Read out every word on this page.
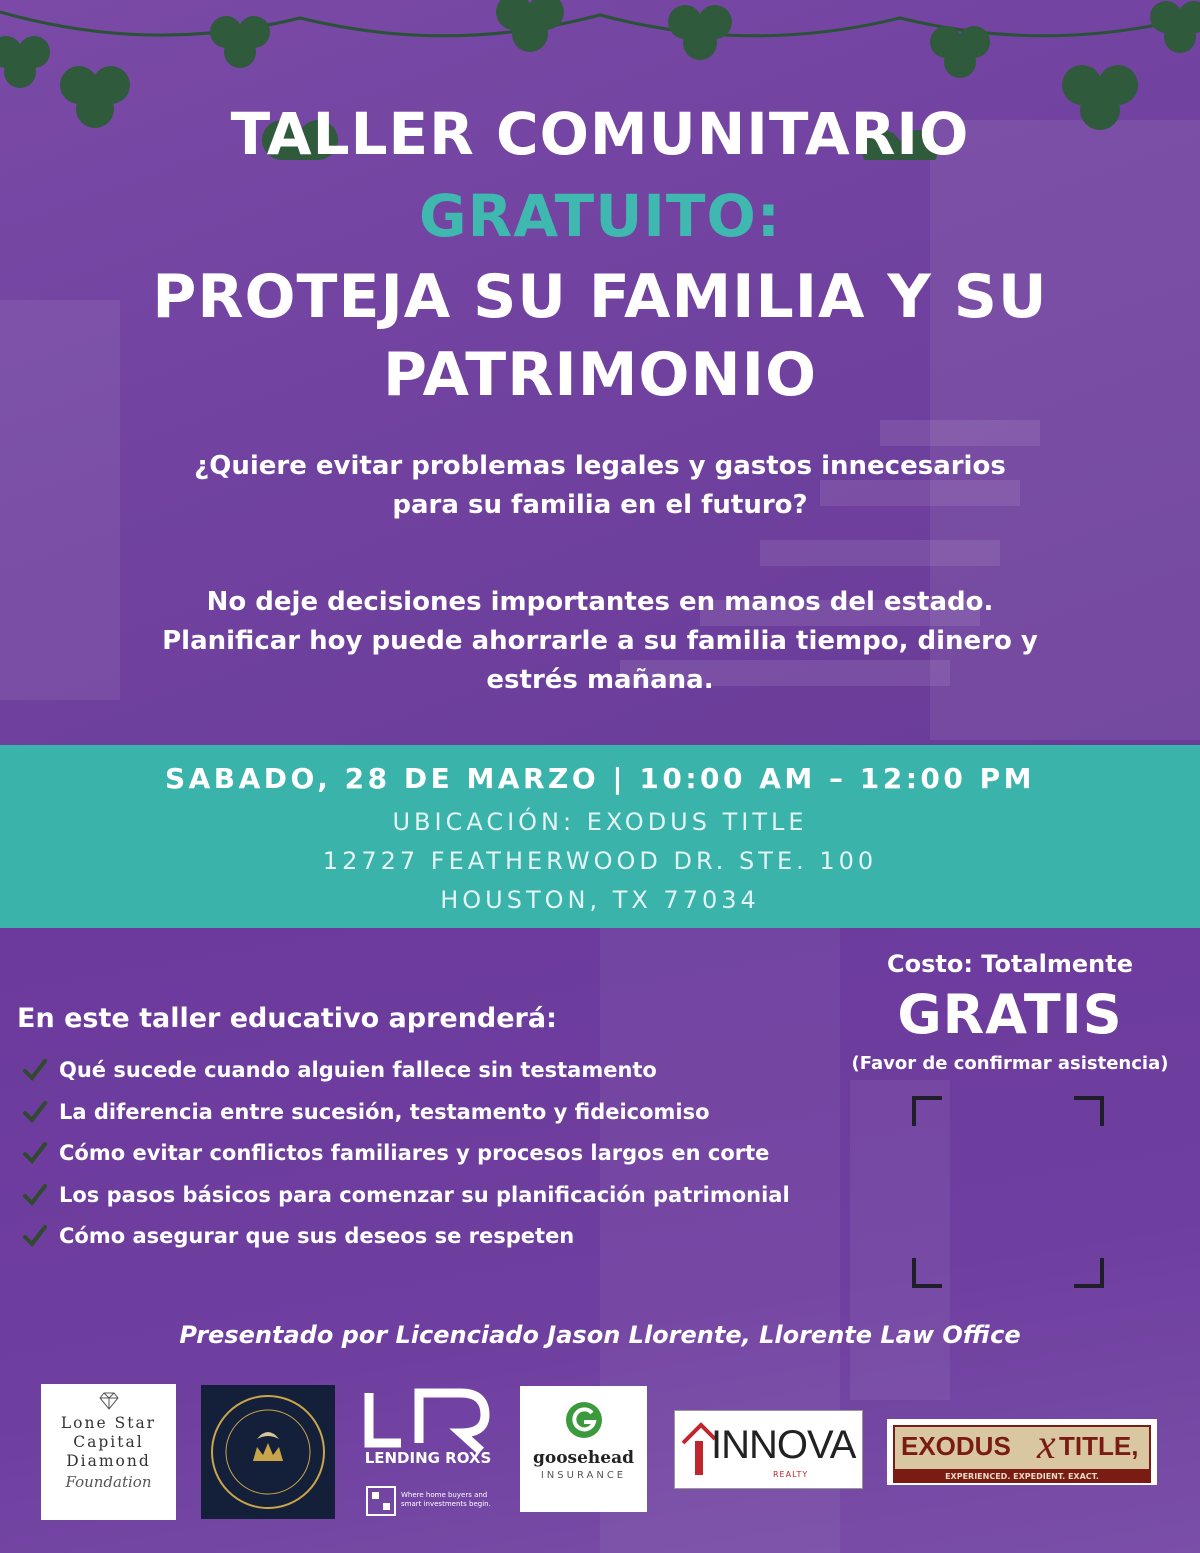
TALLER COMUNITARIO
GRATUITO:
PROTEJA SU FAMILIA Y SU
PATRIMONIO
¿Quiere evitar problemas legales y gastos innecesarios
para su familia en el futuro?
No deje decisiones importantes en manos del estado.
Planificar hoy puede ahorrarle a su familia tiempo, dinero y
estrés mañana.
SABADO, 28 DE MARZO | 10:00 AM – 12:00 PM
UBICACIÓN: EXODUS TITLE
12727 FEATHERWOOD DR. STE. 100
HOUSTON, TX 77034
En este taller educativo aprenderá:
Qué sucede cuando alguien fallece sin testamento
La diferencia entre sucesión, testamento y fideicomiso
Cómo evitar conflictos familiares y procesos largos en corte
Los pasos básicos para comenzar su planificación patrimonial
Cómo asegurar que sus deseos se respeten
Costo: Totalmente
GRATIS
(Favor de confirmar asistencia)
Presentado por Licenciado Jason Llorente, Llorente Law Office
Lone Star
Capital
Diamond
Foundation
LENDING ROXS
Where home buyers and
smart investments begin.
goosehead
INSURANCE
INNOVA
REALTY
EXODUS x TITLE,
EXPERIENCED. EXPEDIENT. EXACT.
